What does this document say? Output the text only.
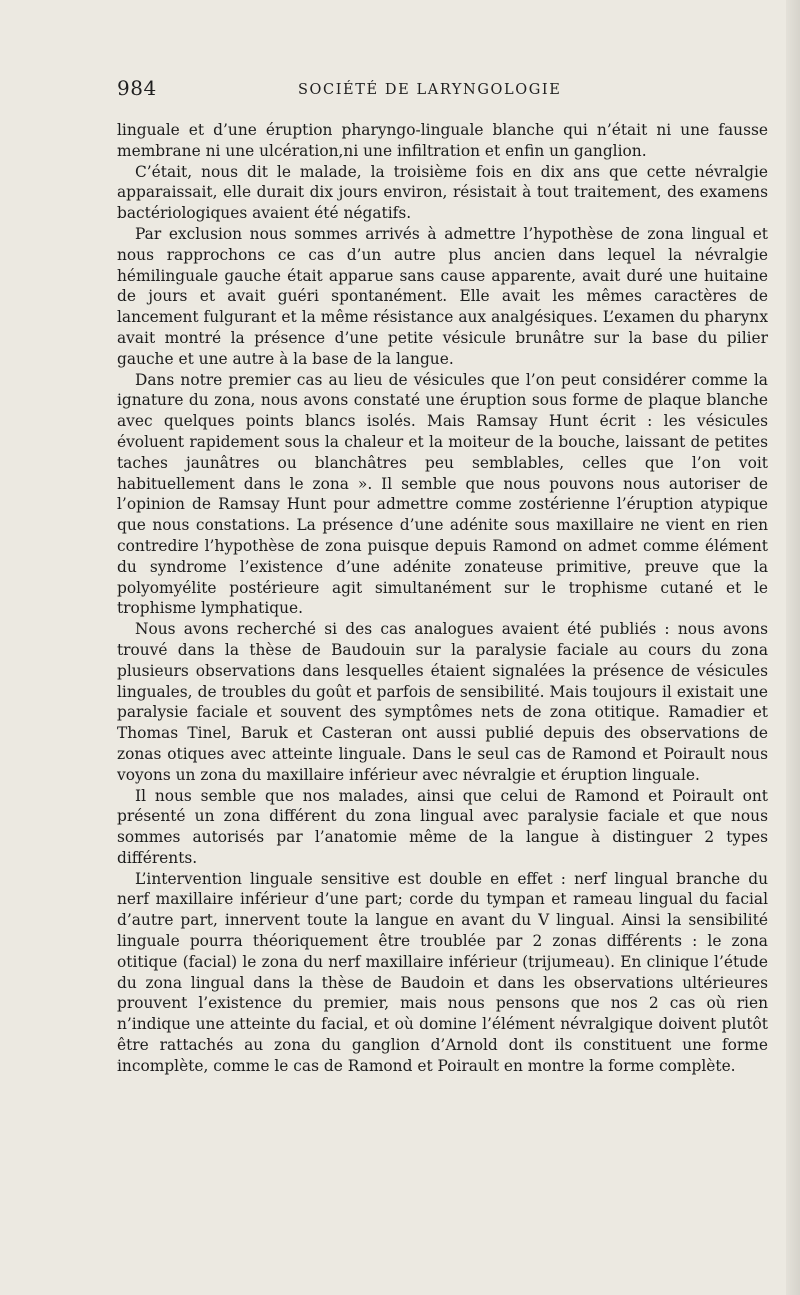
984	SOCIÉTÉ DE LARYNGOLOGIE

linguale et d’une éruption pharyngo-linguale blanche qui n’était ni une fausse membrane ni une ulcération,ni une infiltration et enfin un ganglion.

C’était, nous dit le malade, la troisième fois en dix ans que cette névralgie apparaissait, elle durait dix jours environ, résistait à tout traitement, des examens bactériologiques avaient été négatifs.

Par exclusion nous sommes arrivés à admettre l’hypothèse de zona lingual et nous rapprochons ce cas d’un autre plus ancien dans lequel la névralgie hémilinguale gauche était apparue sans cause apparente, avait duré une huitaine de jours et avait guéri spontanément. Elle avait les mêmes caractères de lancement fulgurant et la même résistance aux analgésiques. L’examen du pharynx avait montré la présence d’une petite vésicule brunâtre sur la base du pilier gauche et une autre à la base de la langue.

Dans notre premier cas au lieu de vésicules que l’on peut considérer comme la ignature du zona, nous avons constaté une éruption sous forme de plaque blanche avec quelques points blancs isolés. Mais Ramsay Hunt écrit : les vésicules évoluent rapidement sous la chaleur et la moiteur de la bouche, laissant de petites taches jaunâtres ou blanchâtres peu semblables, celles que l’on voit habituellement dans le zona ». Il semble que nous pouvons nous autoriser de l’opinion de Ramsay Hunt pour admettre comme zostérienne l’éruption atypique que nous constations. La présence d’une adénite sous maxillaire ne vient en rien contredire l’hypothèse de zona puisque depuis Ramond on admet comme élément du syndrome l’existence d’une adénite zonateuse primitive, preuve que la polyomyélite postérieure agit simultanément sur le trophisme cutané et le trophisme lymphatique.

Nous avons recherché si des cas analogues avaient été publiés : nous avons trouvé dans la thèse de Baudouin sur la paralysie faciale au cours du zona plusieurs observations dans lesquelles étaient signalées la présence de vésicules linguales, de troubles du goût et parfois de sensibilité. Mais toujours il existait une paralysie faciale et souvent des symptômes nets de zona otitique. Ramadier et Thomas Tinel, Baruk et Casteran ont aussi publié depuis des observations de zonas otiques avec atteinte linguale. Dans le seul cas de Ramond et Poirault nous voyons un zona du maxillaire inférieur avec névralgie et éruption linguale.

Il nous semble que nos malades, ainsi que celui de Ramond et Poirault ont présenté un zona différent du zona lingual avec paralysie faciale et que nous sommes autorisés par l’anatomie même de la langue à distinguer 2 types différents.

L’intervention linguale sensitive est double en effet : nerf lingual branche du nerf maxillaire inférieur d’une part; corde du tympan et rameau lingual du facial d’autre part, innervent toute la langue en avant du V lingual. Ainsi la sensibilité linguale pourra théoriquement être troublée par 2 zonas différents : le zona otitique (facial) le zona du nerf maxillaire inférieur (trijumeau). En clinique l’étude du zona lingual dans la thèse de Baudoin et dans les observations ultérieures prouvent l’existence du premier, mais nous pensons que nos 2 cas où rien n’indique une atteinte du facial, et où domine l’élément névralgique doivent plutôt être rattachés au zona du ganglion d’Arnold dont ils constituent une forme incomplète, comme le cas de Ramond et Poirault en montre la forme complète.
